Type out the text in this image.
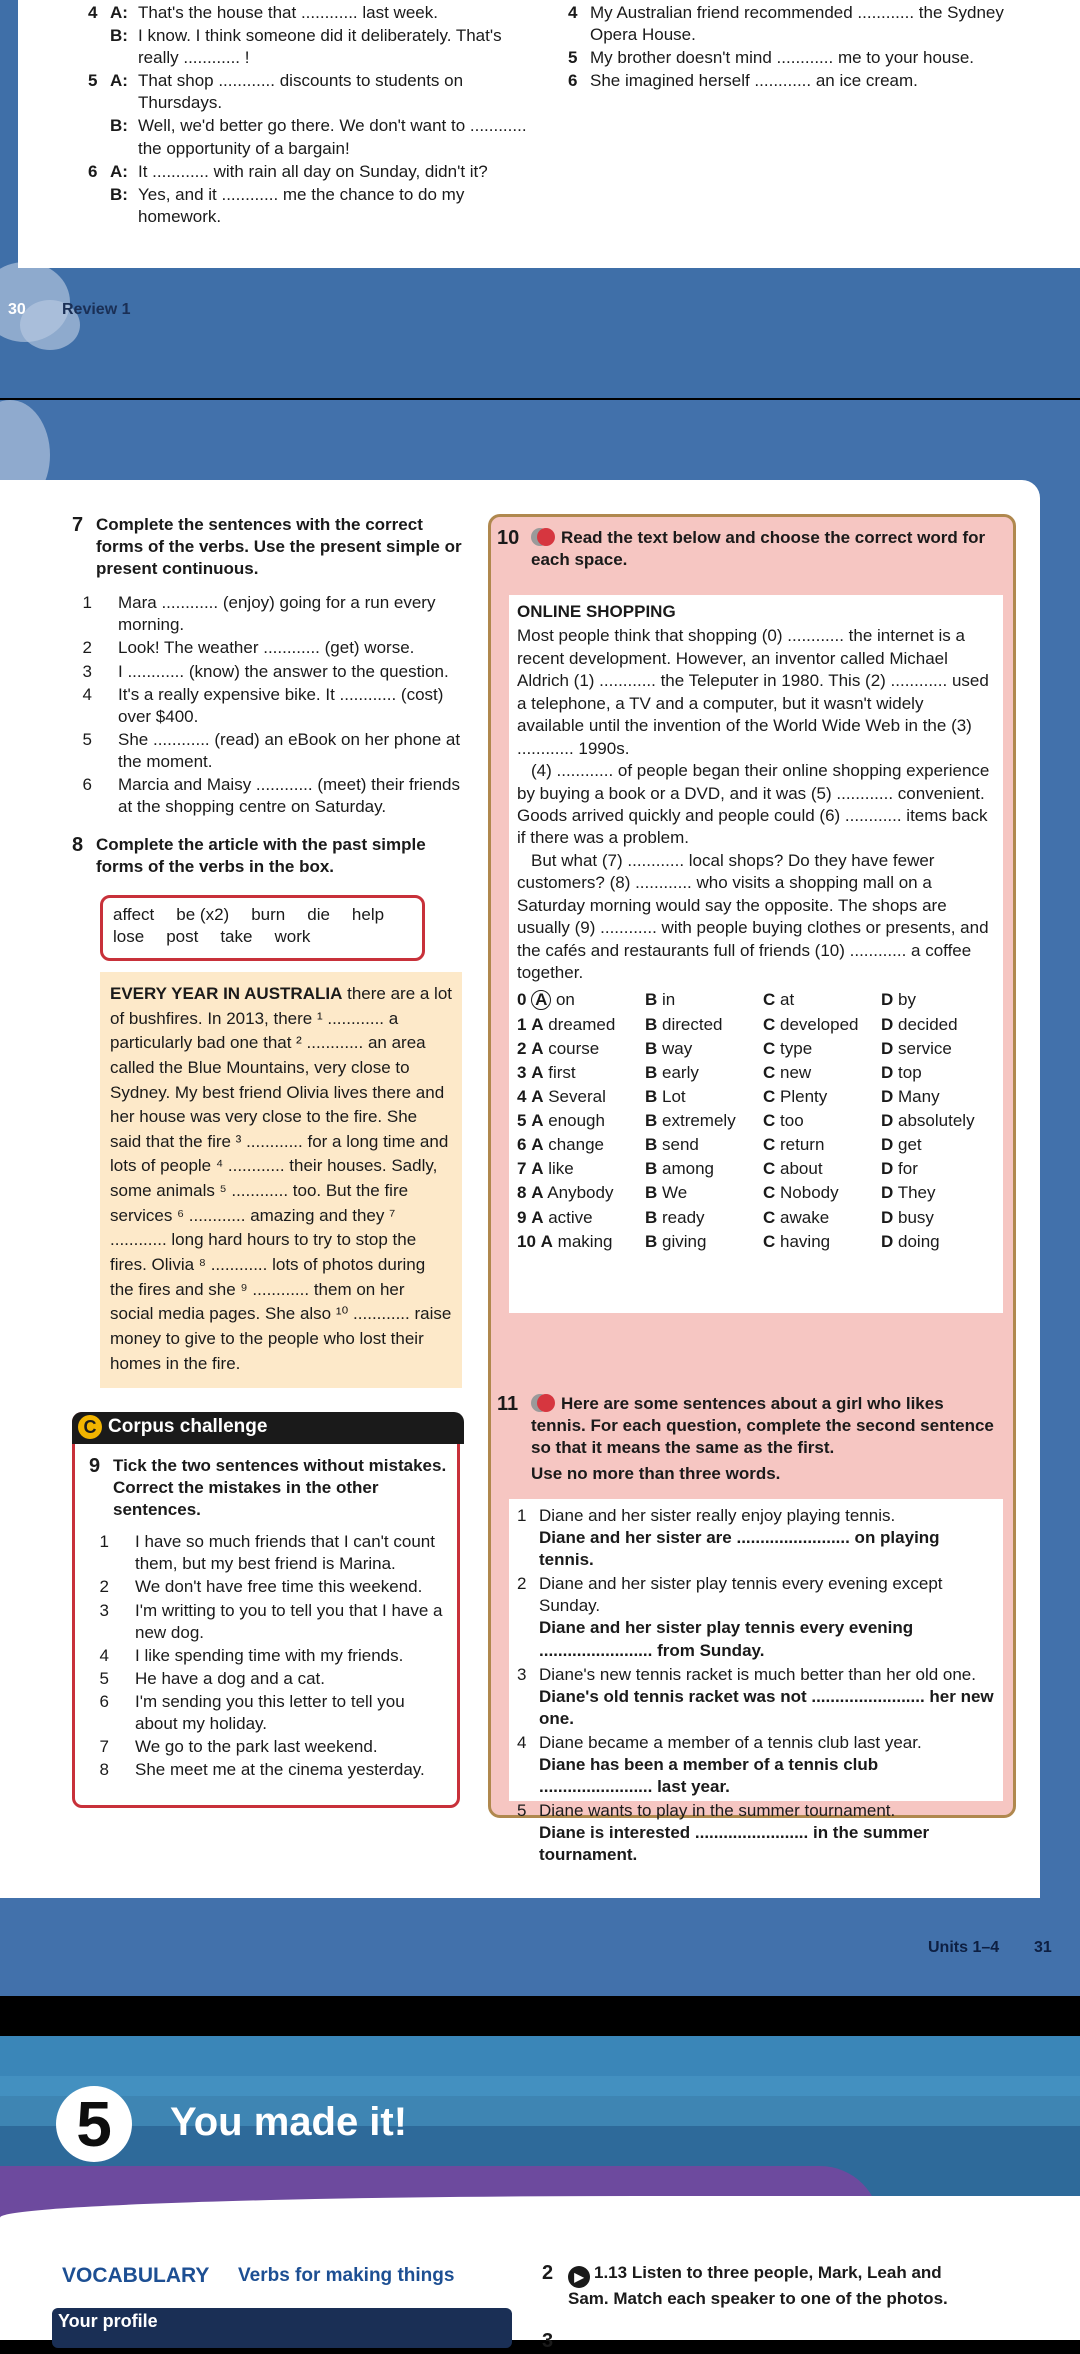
4 A: That's the house that ............ last week.
B: I know. I think someone did it deliberately. That's really ............ !
5 A: That shop ............ discounts to students on Thursdays.
B: Well, we'd better go there. We don't want to ............ the opportunity of a bargain!
6 A: It ............ with rain all day on Sunday, didn't it?
B: Yes, and it ............ me the chance to do my homework.
4 My Australian friend recommended ............ the Sydney Opera House.
5 My brother doesn't mind ............ me to your house.
6 She imagined herself ............ an ice cream.
30 Review 1
7 Complete the sentences with the correct forms of the verbs. Use the present simple or present continuous.
1	Mara ............ (enjoy) going for a run every morning.
2	Look! The weather ............ (get) worse.
3	I ............ (know) the answer to the question.
4	It's a really expensive bike. It ............ (cost) over $400.
5	She ............ (read) an eBook on her phone at the moment.
6	Marcia and Maisy ............ (meet) their friends at the shopping centre on Saturday.
8 Complete the article with the past simple forms of the verbs in the box.
affect be (x2) burn die help
lose post take work
EVERY YEAR IN AUSTRALIA there are a lot of bushfires. In 2013, there ¹ ............ a particularly bad one that ² ............ an area called the Blue Mountains, very close to Sydney. My best friend Olivia lives there and her house was very close to the fire. She said that the fire ³ ............ for a long time and lots of people ⁴ ............ their houses. Sadly, some animals ⁵ ............ too. But the fire services ⁶ ............ amazing and they ⁷ ............ long hard hours to try to stop the fires. Olivia ⁸ ............ lots of photos during the fires and she ⁹ ............ them on her social media pages. She also ¹⁰ ............ raise money to give to the people who lost their homes in the fire.
C Corpus challenge
9 Tick the two sentences without mistakes. Correct the mistakes in the other sentences.
1	I have so much friends that I can't count them, but my best friend is Marina.
2	We don't have free time this weekend.
3	I'm writting to you to tell you that I have a new dog.
4	I like spending time with my friends.
5	He have a dog and a cat.
6	I'm sending you this letter to tell you about my holiday.
7	We go to the park last weekend.
8	She meet me at the cinema yesterday.
10 Read the text below and choose the correct word for each space.
ONLINE SHOPPING
Most people think that shopping (0) ............ the internet is a recent development. However, an inventor called Michael Aldrich (1) ............ the Teleputer in 1980. This (2) ............ used a telephone, a TV and a computer, but it wasn't widely available until the invention of the World Wide Web in the (3) ............ 1990s.
(4) ............ of people began their online shopping experience by buying a book or a DVD, and it was (5) ............ convenient. Goods arrived quickly and people could (6) ............ items back if there was a problem.
But what (7) ............ local shops? Do they have fewer customers? (8) ............ who visits a shopping mall on a Saturday morning would say the opposite. The shops are usually (9) ............ with people buying clothes or presents, and the cafés and restaurants full of friends (10) ............ a coffee together.
0 A on	B in	C at	D by
1 A dreamed	B directed	C developed	D decided
2 A course	B way	C type	D service
3 A first	B early	C new	D top
4 A Several	B Lot	C Plenty	D Many
5 A enough	B extremely	C too	D absolutely
6 A change	B send	C return	D get
7 A like	B among	C about	D for
8 A Anybody	B We	C Nobody	D They
9 A active	B ready	C awake	D busy
10 A making	B giving	C having	D doing
11	Here are some sentences about a girl who likes tennis. For each question, complete the second sentence so that it means the same as the first.
Use no more than three words.
1 Diane and her sister really enjoy playing tennis.
Diane and her sister are ........................ on playing tennis.
2 Diane and her sister play tennis every evening except Sunday.
Diane and her sister play tennis every evening ........................ from Sunday.
3 Diane's new tennis racket is much better than her old one.
Diane's old tennis racket was not ........................ her new one.
4 Diane became a member of a tennis club last year.
Diane has been a member of a tennis club ........................ last year.
5 Diane wants to play in the summer tournament.
Diane is interested ........................ in the summer tournament.
Units 1–4 31
5	You made it!
VOCABULARY Verbs for making things
Your profile
2 ▶ 1.13 Listen to three people, Mark, Leah and Sam. Match each speaker to one of the photos.
3
